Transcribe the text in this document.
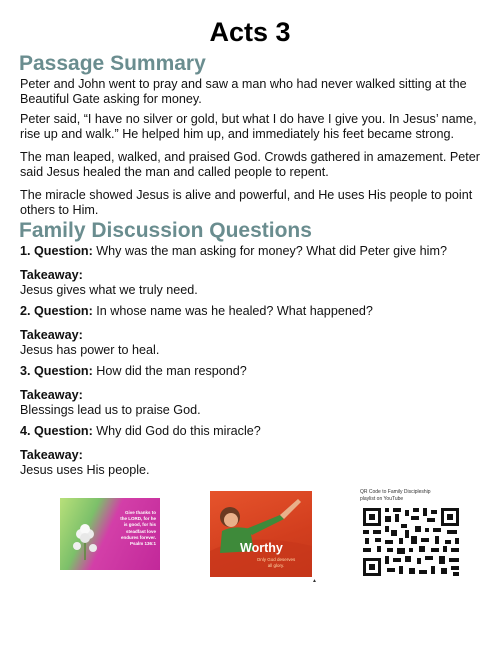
Acts 3
Passage Summary

Peter and John went to pray and saw a man who had never walked sitting at the Beautiful Gate asking for money.

Peter said, “I have no silver or gold, but what I do have I give you. In Jesus’ name, rise up and walk.” He helped him up, and immediately his feet became strong.

The man leaped, walked, and praised God. Crowds gathered in amazement. Peter said Jesus healed the man and called people to repent.

The miracle showed Jesus is alive and powerful, and He uses His people to point others to Him.

Family Discussion Questions
1. Question: Why was the man asking for money? What did Peter give him?
Takeaway:
Jesus gives what we truly need.
2. Question: In whose name was he healed? What happened?
Takeaway:
Jesus has power to heal.
3. Question: How did the man respond?
Takeaway:
Blessings lead us to praise God.
4. Question: Why did God do this miracle?
Takeaway:
Jesus uses His people.
Give thanks to
the LORD, for he
is good, for his
steadfast love
endures forever.
Psalm 136:1	Worthy
Only God deserves
all glory.
▲
QR Code to Family Discipleship
playlist on YouTube
